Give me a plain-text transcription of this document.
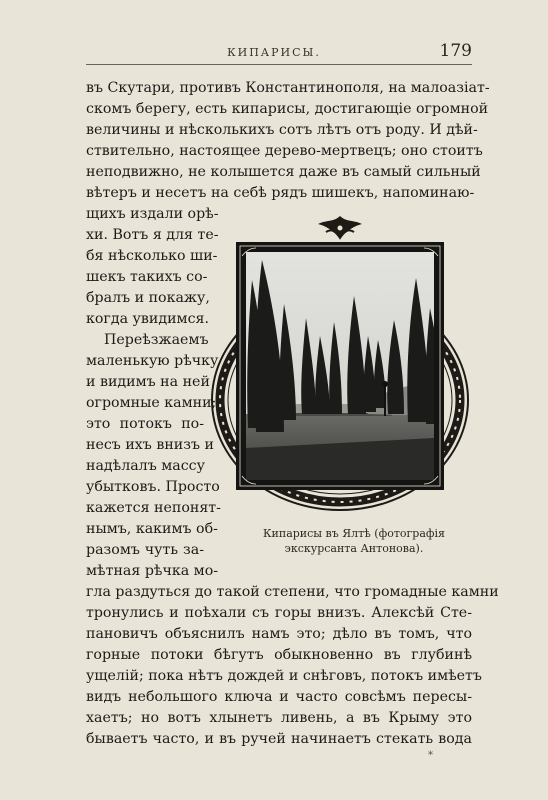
КИПАРИСЫ.	179
въ Скутари, противъ Константинополя, на малоазiат-
скомъ берегу, есть кипарисы, достигающiе огромной
величины и нѣсколькихъ сотъ лѣтъ отъ роду. И дѣй-
ствительно, настоящее дерево-мертвецъ; оно стоитъ
неподвижно, не колышется даже въ самый сильный
вѣтеръ и несетъ на себѣ рядъ шишекъ, напоминаю-
щихъ издали орѣ-
хи. Вотъ я для те-
бя нѣсколько ши-
шекъ такихъ со-
бралъ и покажу,
когда увидимся.
Переѣзжаемъ
маленькую рѣчку
и видимъ на ней
огромные камни;
это потокъ по-
несъ ихъ внизъ и
надѣлалъ массу
убытковъ. Просто
кажется непонят-
нымъ, какимъ об-
разомъ чуть за-
мѣтная рѣчка мо-
гла раздуться до такой степени, что громадные камни
тронулись и поѣхали съ горы внизъ. Алексѣй Сте-
пановичъ объяснилъ намъ это; дѣло въ томъ, что
горные потоки бѣгутъ обыкновенно въ глубинѣ
ущелiй; пока нѣтъ дождей и снѣговъ, потокъ имѣетъ
видъ небольшого ключа и часто совсѣмъ пересы-
хаетъ; но вотъ хлынетъ ливень, а въ Крыму это
бываетъ часто, и въ ручей начинаетъ стекать вода
*
Кипарисы въ Ялтѣ (фотографiя
экскурсанта Антонова).
